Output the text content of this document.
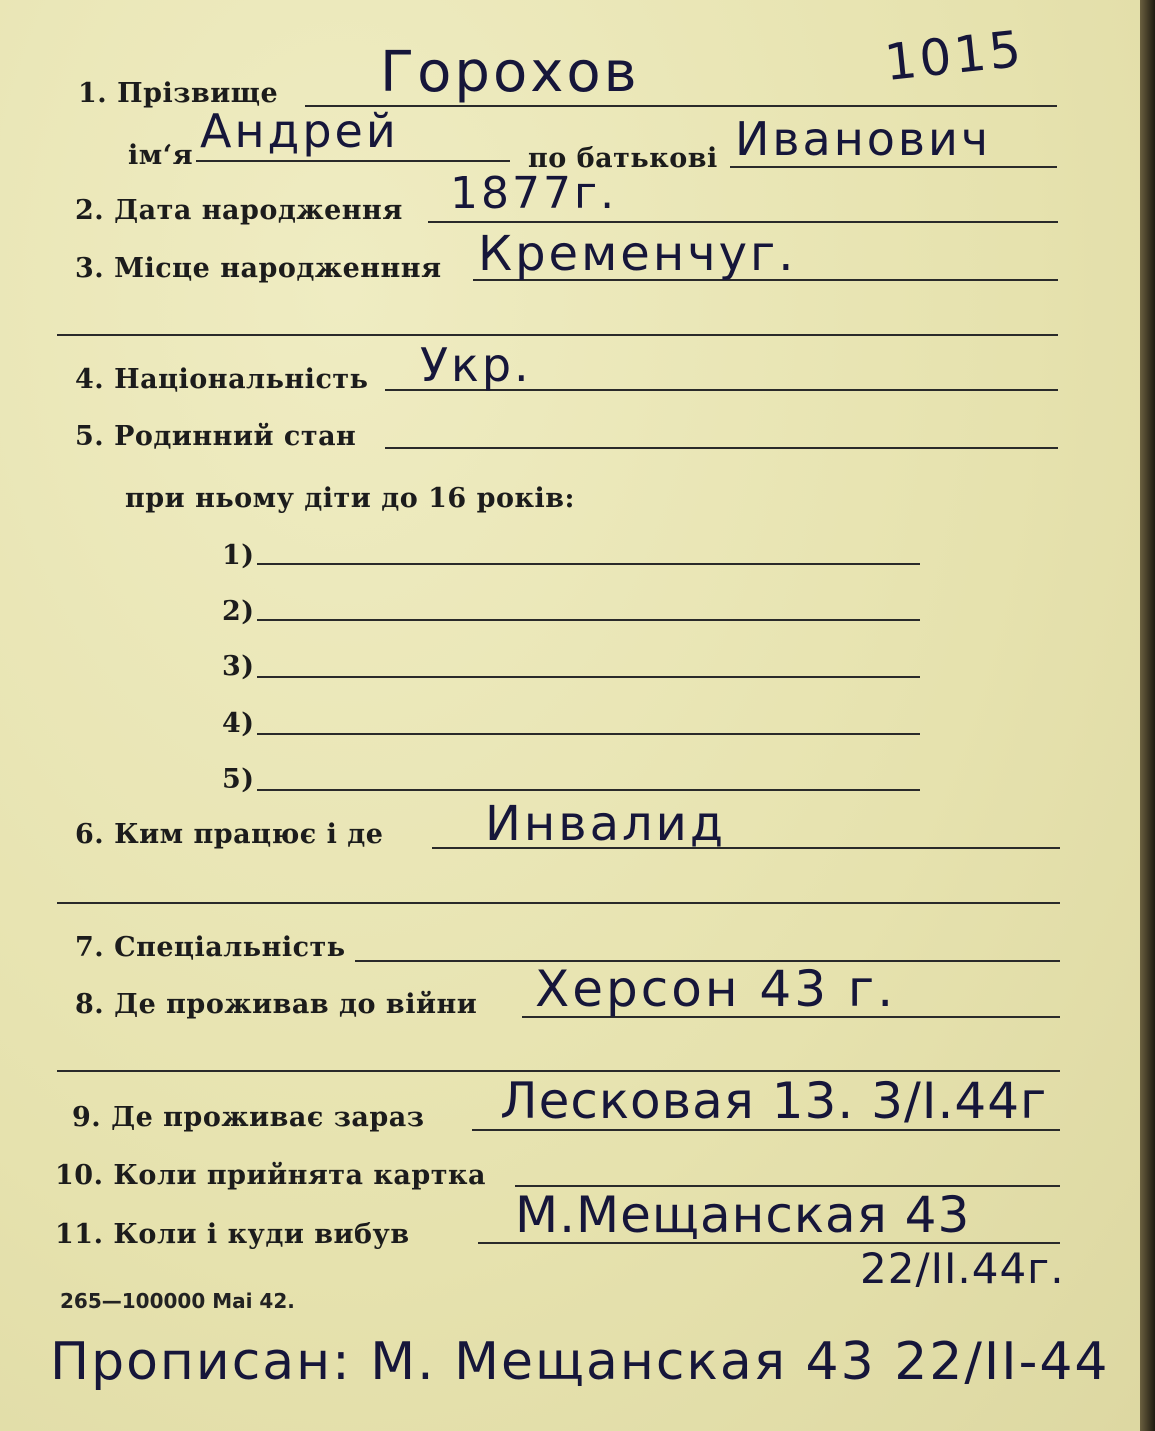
1015
1. Прізвище Горохов
ім‘я Андрей
по батькові Иванович
2. Дата народження 1877г.
3. Місце народженння Крeменчуг.
4. Національність Укр.
5. Родинний стан
при ньому діти до 16 років:
1)
2)
3)
4)
5)
6. Ким працює і де Инвалид
7. Спеціальність
8. Де проживав до війни Херсон 43 г.
9. Де проживає зараз Лесковая 13. 3/I.44г
10. Коли прийнята картка
11. Коли і куди вибув М.Мещанская 43
22/II.44г.
265—100000 Mai 42.
Прописан: М. Мещанская 43 22/II-44
